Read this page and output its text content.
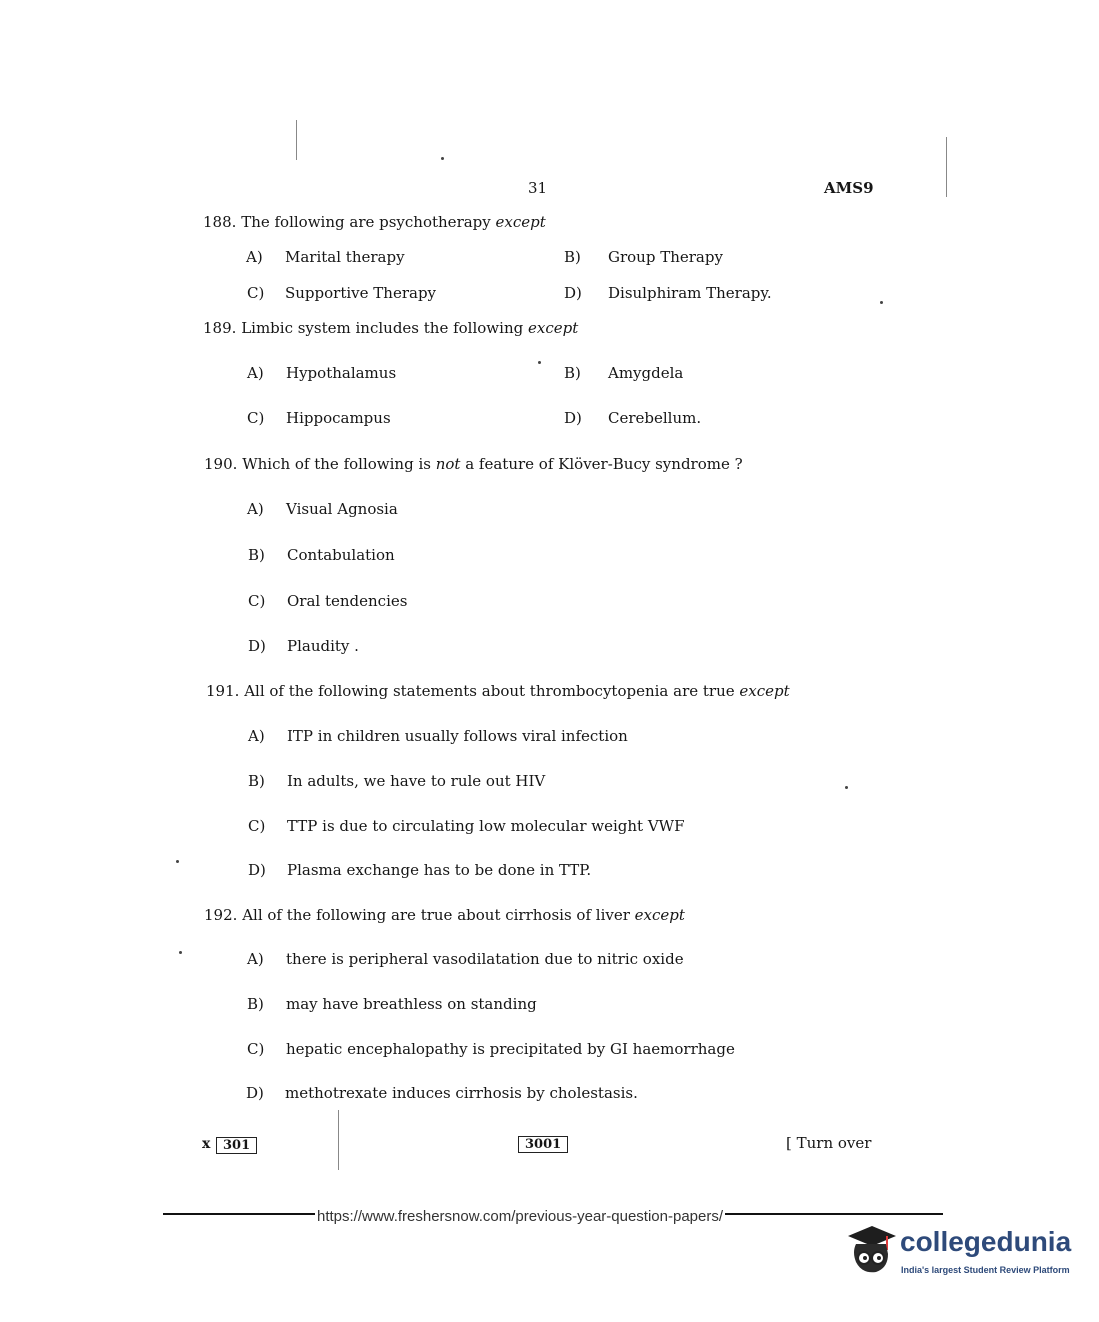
31	AMS9
188. The following are psychotherapy except
A) Marital therapy	B) Group Therapy
C) Supportive Therapy	D) Disulphiram Therapy.
189. Limbic system includes the following except
A) Hypothalamus	B) Amygdela
C) Hippocampus	D) Cerebellum.
190. Which of the following is not a feature of Klöver-Bucy syndrome ?
A) Visual Agnosia
B) Contabulation
C) Oral tendencies
D) Plaudity .
191. All of the following statements about thrombocytopenia are true except
A) ITP in children usually follows viral infection
B) In adults, we have to rule out HIV
C) TTP is due to circulating low molecular weight VWF
D) Plasma exchange has to be done in TTP.
192. All of the following are true about cirrhosis of liver except
A) there is peripheral vasodilatation due to nitric oxide
B) may have breathless on standing
C) hepatic encephalopathy is precipitated by GI haemorrhage
D) methotrexate induces cirrhosis by cholestasis.
x 301	3001	[ Turn over
https://www.freshersnow.com/previous-year-question-papers/
collegedunia
India's largest Student Review Platform
